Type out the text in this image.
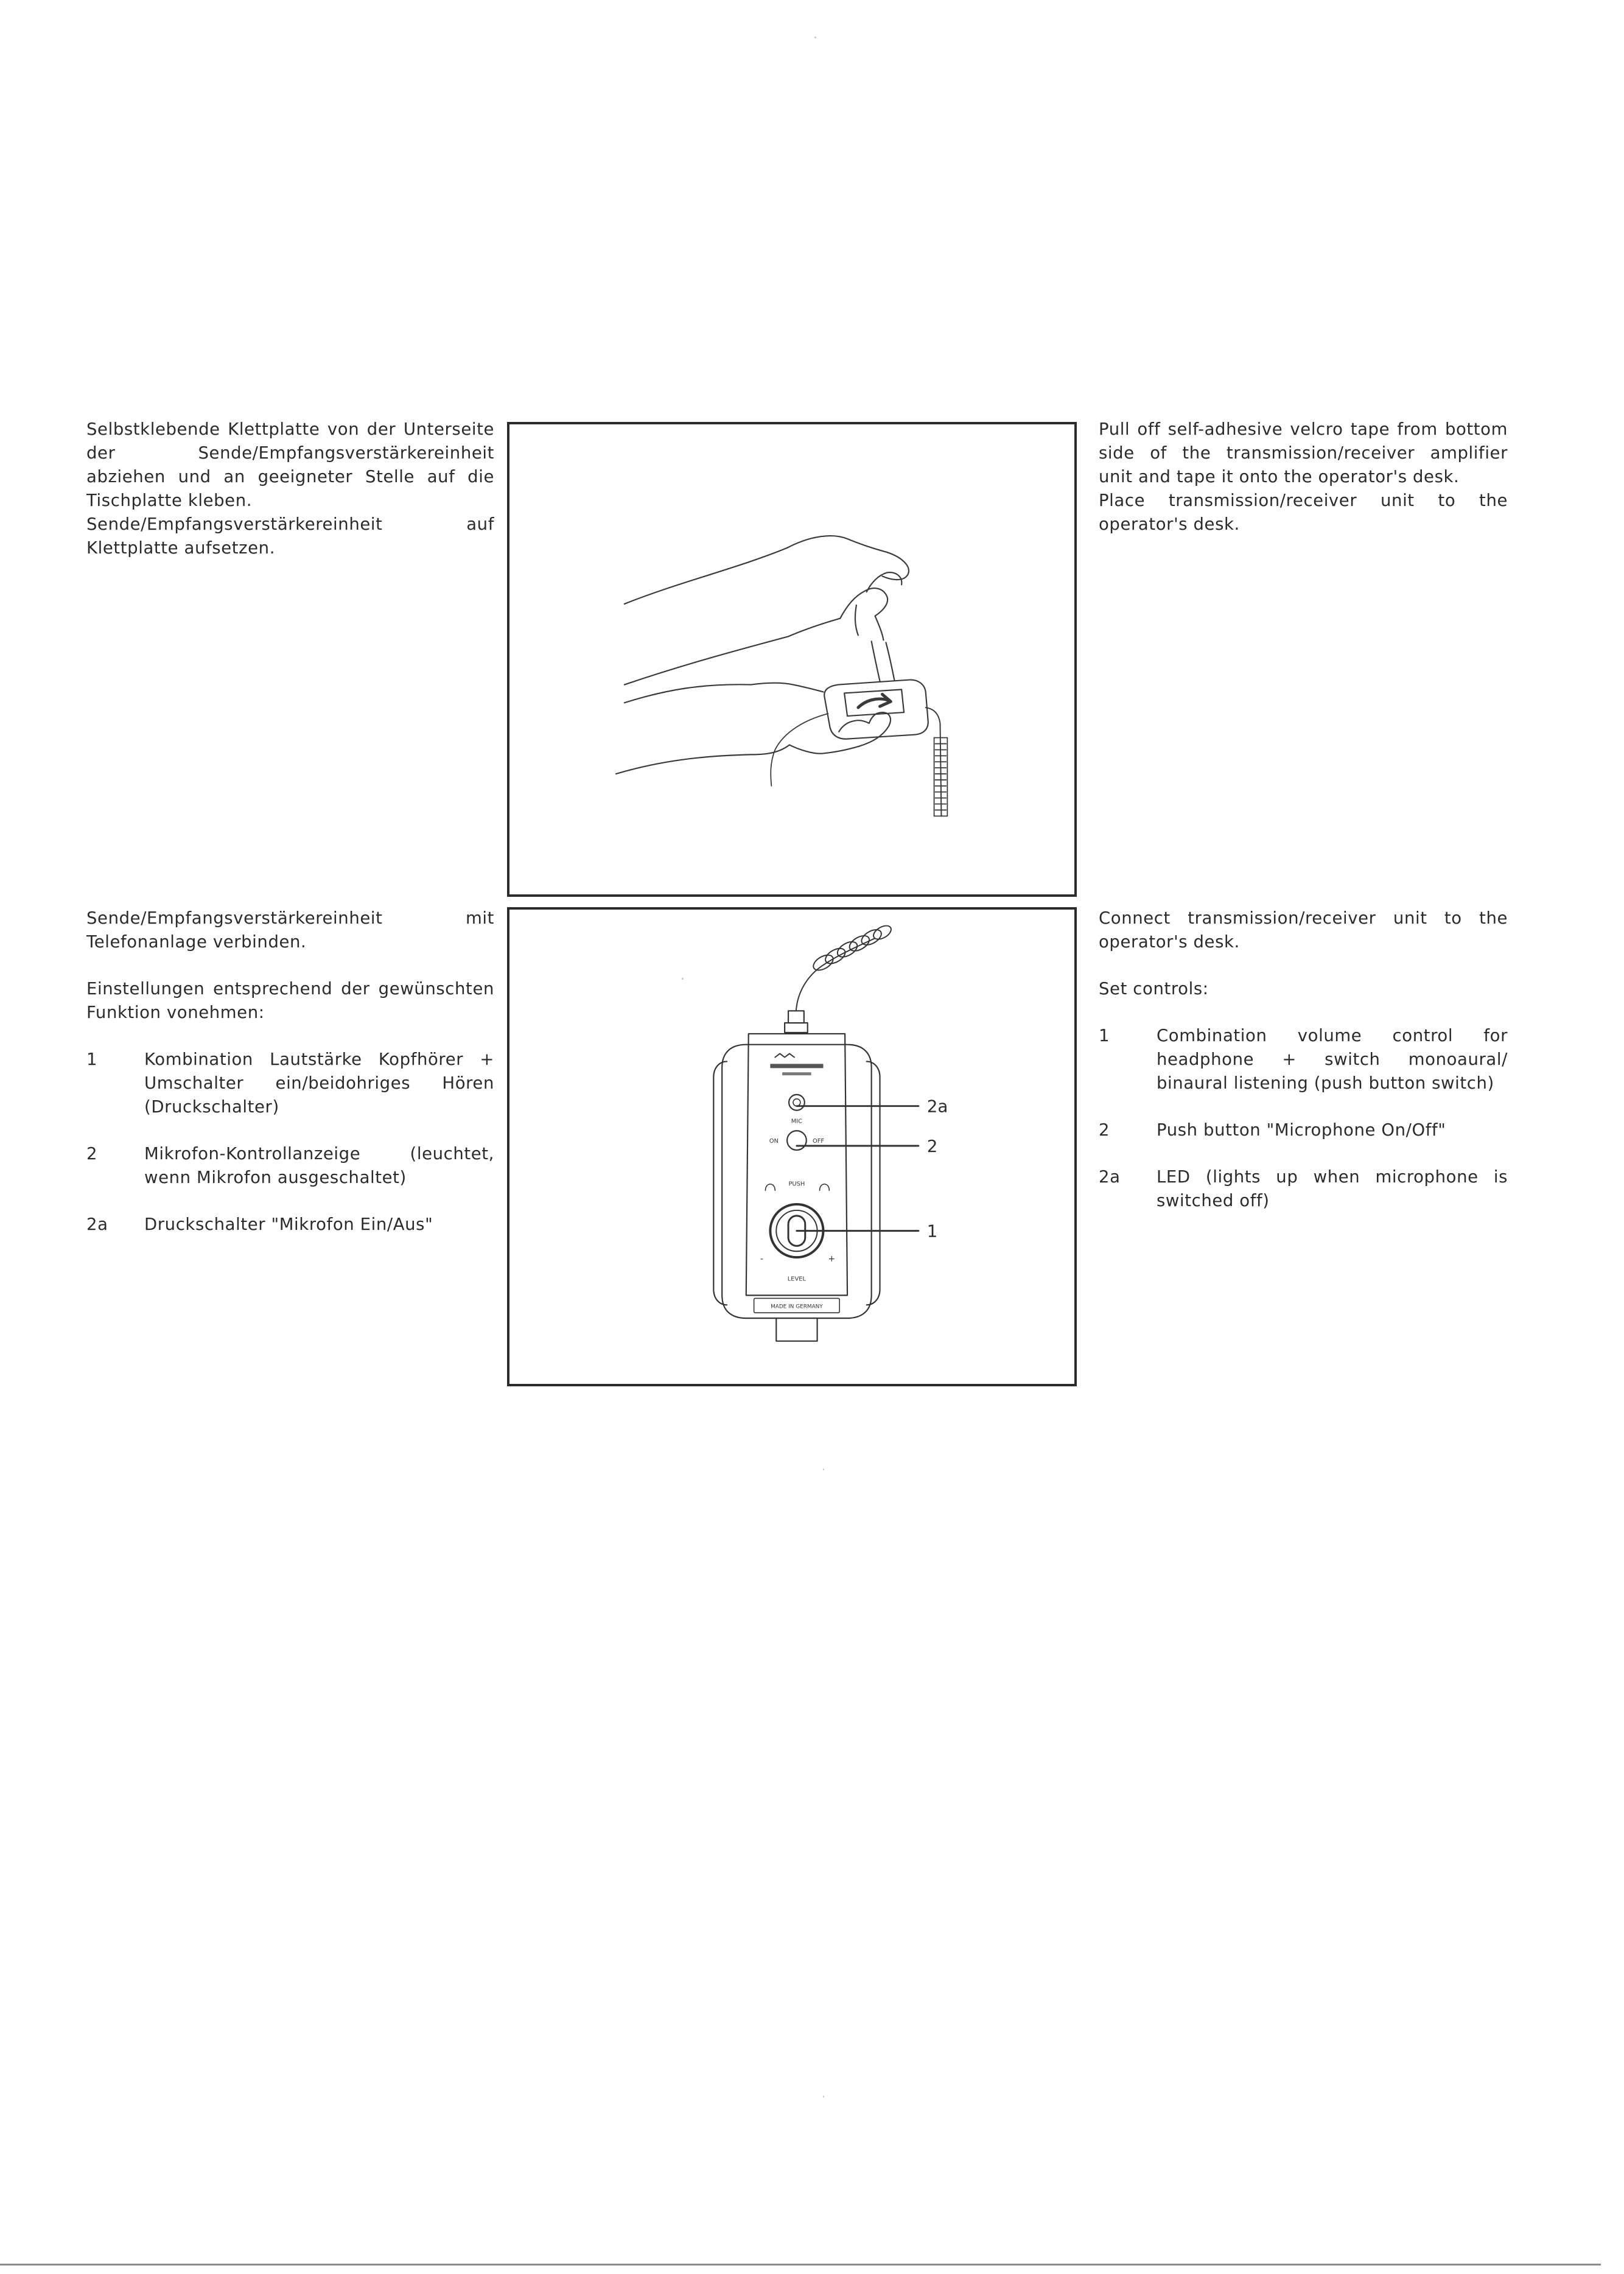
Selbstklebende Klettplatte von der Unterseite der Sende/Empfangsverstärkereinheit abziehen und an geeigneter Stelle auf die Tischplatte kleben.

Sende/Empfangsverstärkereinheit auf Klettplatte aufsetzen.

Pull off self-adhesive velcro tape from bottom side of the transmission/receiver amplifier unit and tape it onto the operator's desk.

Place transmission/receiver unit to the operator's desk.

Sende/Empfangsverstärkereinheit mit Telefonanlage verbinden.

Einstellungen entsprechend der gewünschten Funktion vonehmen:

1	Kombination Lautstärke Kopfhörer + Umschalter ein/beidohriges Hören (Druckschalter)
2	Mikrofon-Kontrollanzeige (leuchtet, wenn Mikrofon ausgeschaltet)
2a Druckschalter "Mikrofon Ein/Aus"
MADE IN GERMANY
MIC
ON	OFF
PUSH
-	+
LEVEL
2a
2
1

Connect transmission/receiver unit to the operator's desk.

Set controls:

1	Combination volume control for headphone + switch monoaural/ binaural listening (push button switch)
2	Push button "Microphone On/Off"
2a LED (lights up when microphone is switched off)
